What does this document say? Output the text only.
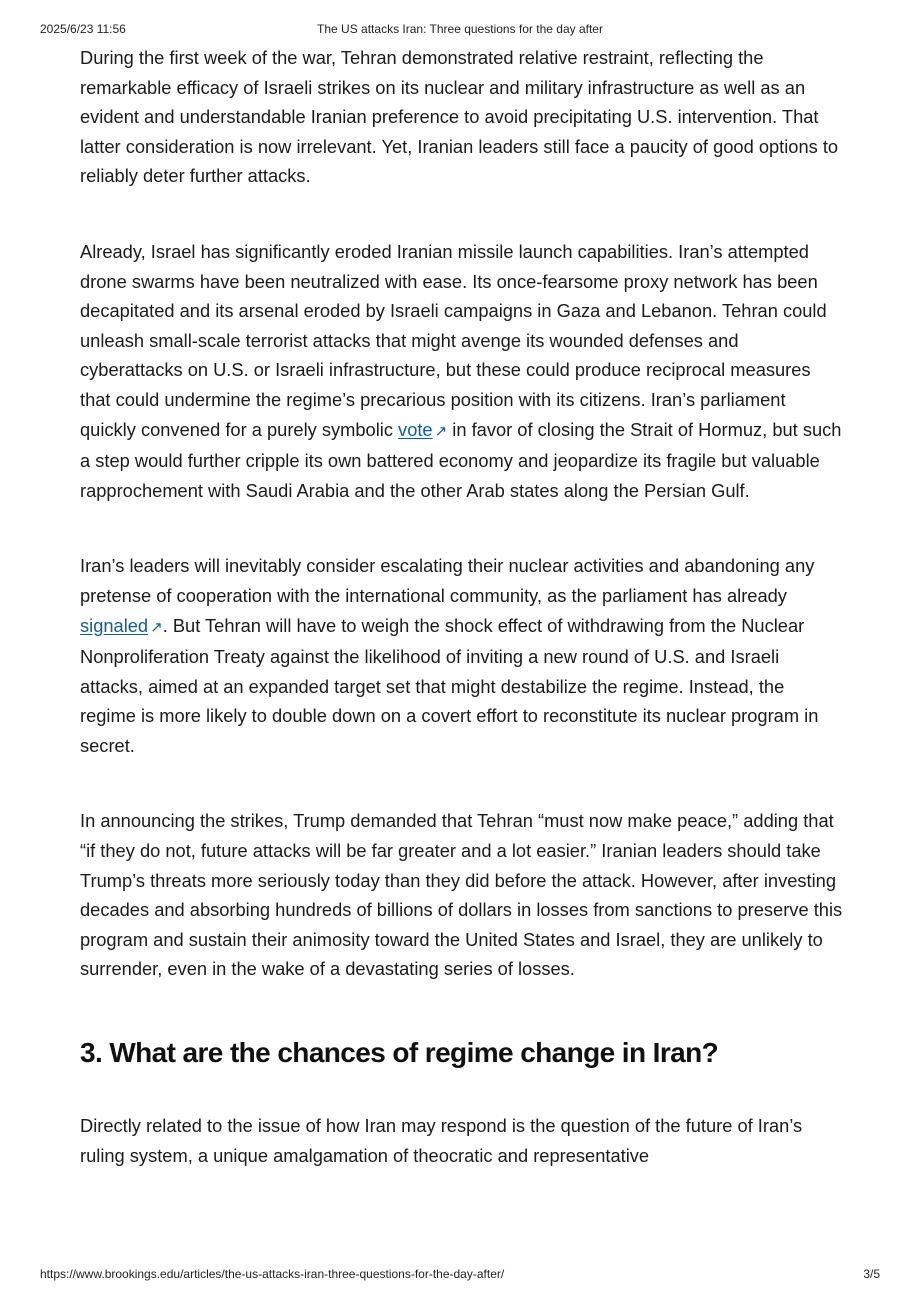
2025/6/23 11:56	The US attacks Iran: Three questions for the day after

During the first week of the war, Tehran demonstrated relative restraint, reflecting the remarkable efficacy of Israeli strikes on its nuclear and military infrastructure as well as an evident and understandable Iranian preference to avoid precipitating U.S. intervention. That latter consideration is now irrelevant. Yet, Iranian leaders still face a paucity of good options to reliably deter further attacks.

Already, Israel has significantly eroded Iranian missile launch capabilities. Iran’s attempted drone swarms have been neutralized with ease. Its once-fearsome proxy network has been decapitated and its arsenal eroded by Israeli campaigns in Gaza and Lebanon. Tehran could unleash small-scale terrorist attacks that might avenge its wounded defenses and cyberattacks on U.S. or Israeli infrastructure, but these could produce reciprocal measures that could undermine the regime’s precarious position with its citizens. Iran’s parliament quickly convened for a purely symbolic vote ↗ in favor of closing the Strait of Hormuz, but such a step would further cripple its own battered economy and jeopardize its fragile but valuable rapprochement with Saudi Arabia and the other Arab states along the Persian Gulf.

Iran’s leaders will inevitably consider escalating their nuclear activities and abandoning any pretense of cooperation with the international community, as the parliament has already signaled ↗. But Tehran will have to weigh the shock effect of withdrawing from the Nuclear Nonproliferation Treaty against the likelihood of inviting a new round of U.S. and Israeli attacks, aimed at an expanded target set that might destabilize the regime. Instead, the regime is more likely to double down on a covert effort to reconstitute its nuclear program in secret.

In announcing the strikes, Trump demanded that Tehran “must now make peace,” adding that “if they do not, future attacks will be far greater and a lot easier.” Iranian leaders should take Trump’s threats more seriously today than they did before the attack. However, after investing decades and absorbing hundreds of billions of dollars in losses from sanctions to preserve this program and sustain their animosity toward the United States and Israel, they are unlikely to surrender, even in the wake of a devastating series of losses.

3. What are the chances of regime change in Iran?

Directly related to the issue of how Iran may respond is the question of the future of Iran’s ruling system, a unique amalgamation of theocratic and representative

https://www.brookings.edu/articles/the-us-attacks-iran-three-questions-for-the-day-after/	3/5
